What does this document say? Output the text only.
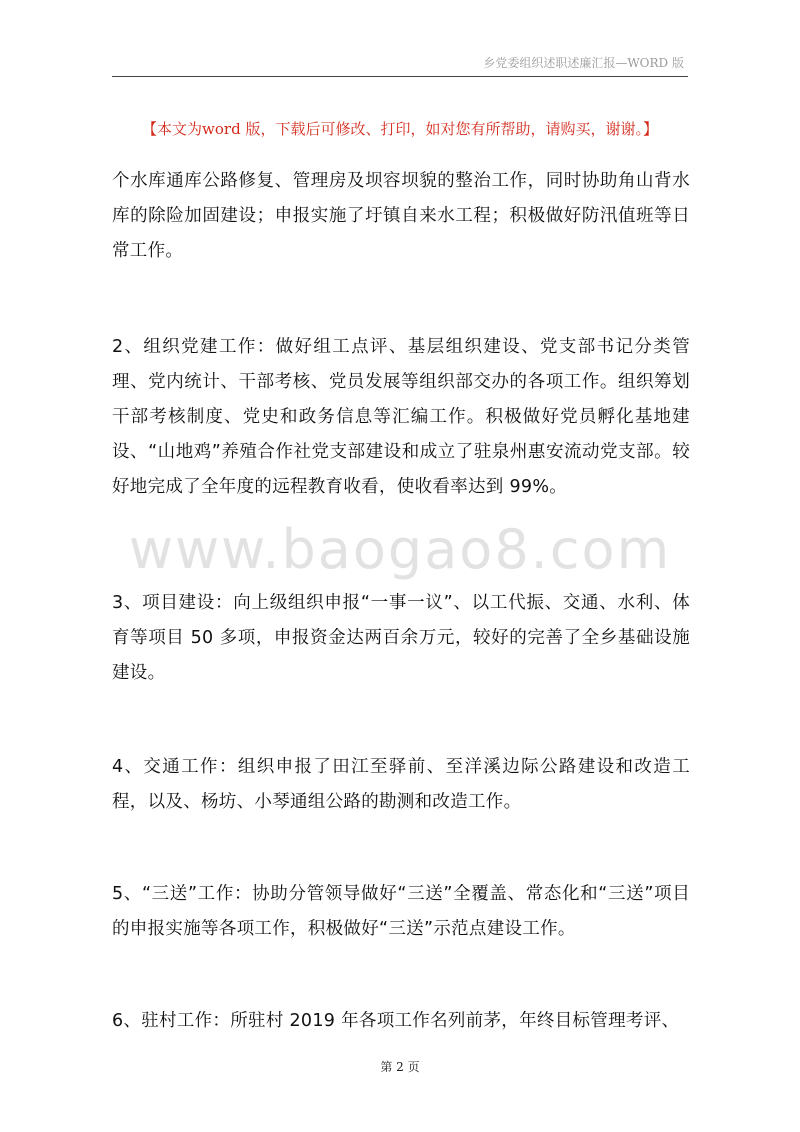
乡党委组织述职述廉汇报—WORD 版
【本文为word 版，下载后可修改、打印，如对您有所帮助，请购买，谢谢。】

个水库通库公路修复、管理房及坝容坝貌的整治工作，同时协助角山背水库的除险加固建设；申报实施了圩镇自来水工程；积极做好防汛值班等日常工作。

2、组织党建工作：做好组工点评、基层组织建设、党支部书记分类管理、党内统计、干部考核、党员发展等组织部交办的各项工作。组织筹划干部考核制度、党史和政务信息等汇编工作。积极做好党员孵化基地建设、“山地鸡”养殖合作社党支部建设和成立了驻泉州惠安流动党支部。较好地完成了全年度的远程教育收看，使收看率达到 99%。

www.baogao8.com

3、项目建设：向上级组织申报“一事一议”、以工代振、交通、水利、体育等项目 50 多项，申报资金达两百余万元，较好的完善了全乡基础设施建设。

4、交通工作：组织申报了田江至驿前、至洋溪边际公路建设和改造工程，以及、杨坊、小琴通组公路的勘测和改造工作。

5、“三送”工作：协助分管领导做好“三送”全覆盖、常态化和“三送”项目的申报实施等各项工作，积极做好“三送”示范点建设工作。

6、驻村工作：所驻村 2019 年各项工作名列前茅，年终目标管理考评、

第 2 页
